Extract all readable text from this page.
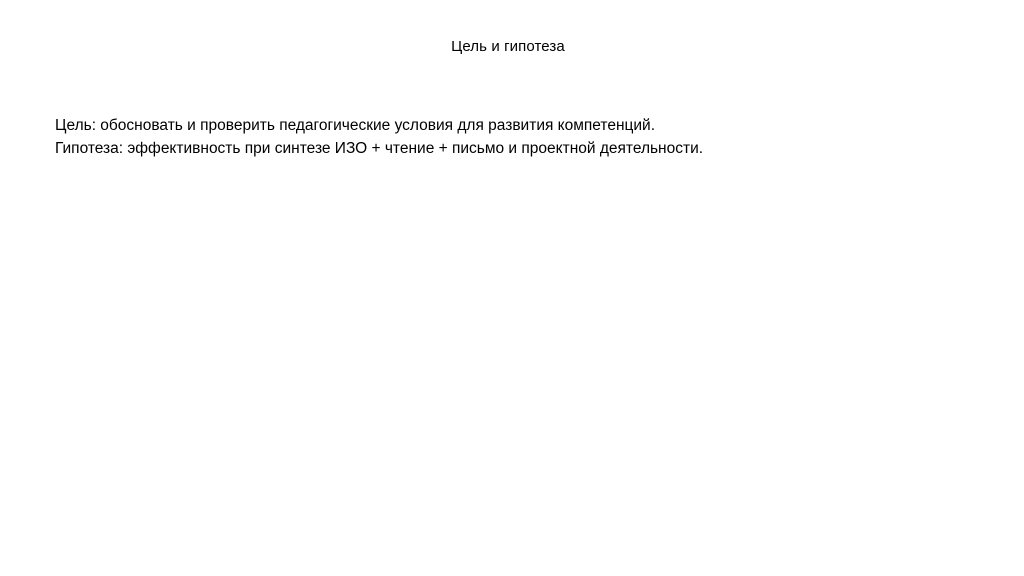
Цель и гипотеза
Цель: обосновать и проверить педагогические условия для развития компетенций.
Гипотеза: эффективность при синтезе ИЗО + чтение + письмо и проектной деятельности.
